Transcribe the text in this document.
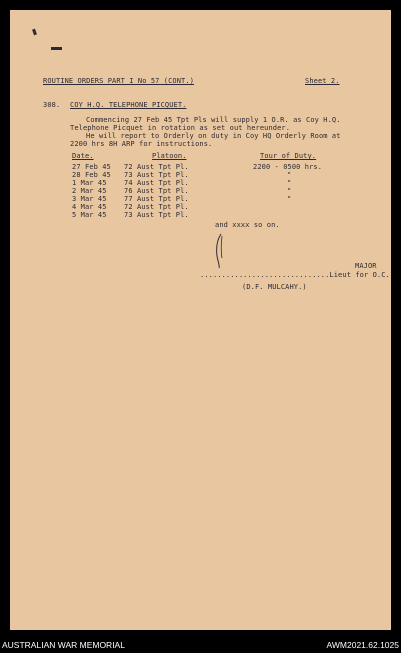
ROUTINE ORDERS PART I No 57 (CONT.)	Sheet 2.
308. COY H.Q. TELEPHONE PICQUET.
Commencing 27 Feb 45 Tpt Pls will supply 1 O.R. as Coy H.Q.
Telephone Picquet in rotation as set out hereunder.
He will report to Orderly on duty in Coy HQ Orderly Room at
2200 hrs 8H ARP for instructions.
Date.	Platoon.	Tour of Duty.
27 Feb 45 72 Aust Tpt Pl.	2200 - 0500 hrs.
28 Feb 45 73 Aust Tpt Pl.	"
1 Mar 45 74 Aust Tpt Pl.	"
2 Mar 45 76 Aust Tpt Pl.	"
3 Mar 45 77 Aust Tpt Pl.	"
4 Mar 45 72 Aust Tpt Pl.
5 Mar 45 73 Aust Tpt Pl.
and xxxx so on.
MAJOR
..............................Lieut for O.C.
(D.F. MULCAHY.)
AUSTRALIAN WAR MEMORIAL	AWM2021.62.1025
